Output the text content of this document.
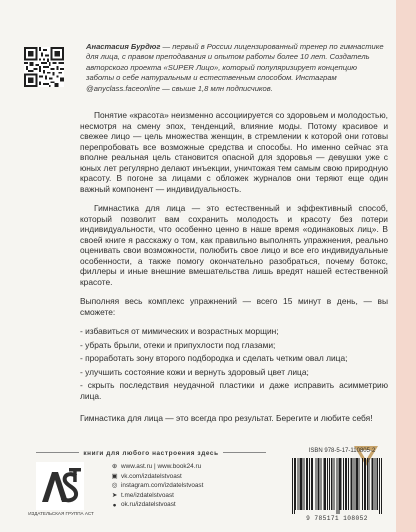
Анастасия Бурдюг — первый в России лицензированный тренер по гимнастике для лица, с правом преподавания и опытом работы более 10 лет. Создатель авторского проекта «SUPER Лицо», который популяризирует концепцию заботы о себе натуральным и естественным способом. Инстаграм @anyclass.faceonline — свыше 1,8 млн подписчиков.

Понятие «красота» неизменно ассоциируется со здоровьем и молодостью, несмотря на смену эпох, тенденций, влияние моды. Потому красивое и свежее лицо — цель множества женщин, в стремлении к которой они готовы перепробовать все возможные средства и способы. Но именно сейчас эта вполне реальная цель становится опасной для здоровья — девушки уже с юных лет регулярно делают инъекции, уничтожая тем самым свою природную красоту. В погоне за лицами с обложек журналов они теряют еще один важный компонент — индивидуальность.

Гимнастика для лица — это естественный и эффективный способ, который позволит вам сохранить молодость и красоту без потери индивидуальности, что особенно ценно в наше время «одинаковых лиц». В своей книге я расскажу о том, как правильно выполнять упражнения, реально оценивать свои возможности, полюбить свое лицо и все его индивидуальные особенности, а также помогу окончательно разобраться, почему ботокс, филлеры и иные внешние вмешательства лишь вредят нашей естественной красоте.

Выполняя весь комплекс упражнений — всего 15 минут в день, — вы сможете:

- избавиться от мимических и возрастных морщин;
- убрать брыли, отеки и припухлости под глазами;
- проработать зону второго подбородка и сделать четким овал лица;
- улучшить состояние кожи и вернуть здоровый цвет лица;
- скрыть последствия неудачной пластики и даже исправить асимметрию лица.

Гимнастика для лица — это всегда про результат. Берегите и любите себя!

книги для любого настроения здесь
ИЗДАТЕЛЬСКАЯ ГРУППА АСТ
⊕ www.ast.ru | www.book24.ru
▣ vk.com/izdatelstvoast
◎ instagram.com/izdatelstvoast
➤ t.me/izdatelstvoast
● ok.ru/izdatelstvoast
ISBN 978-5-17-110805-2
9 785171 108052
